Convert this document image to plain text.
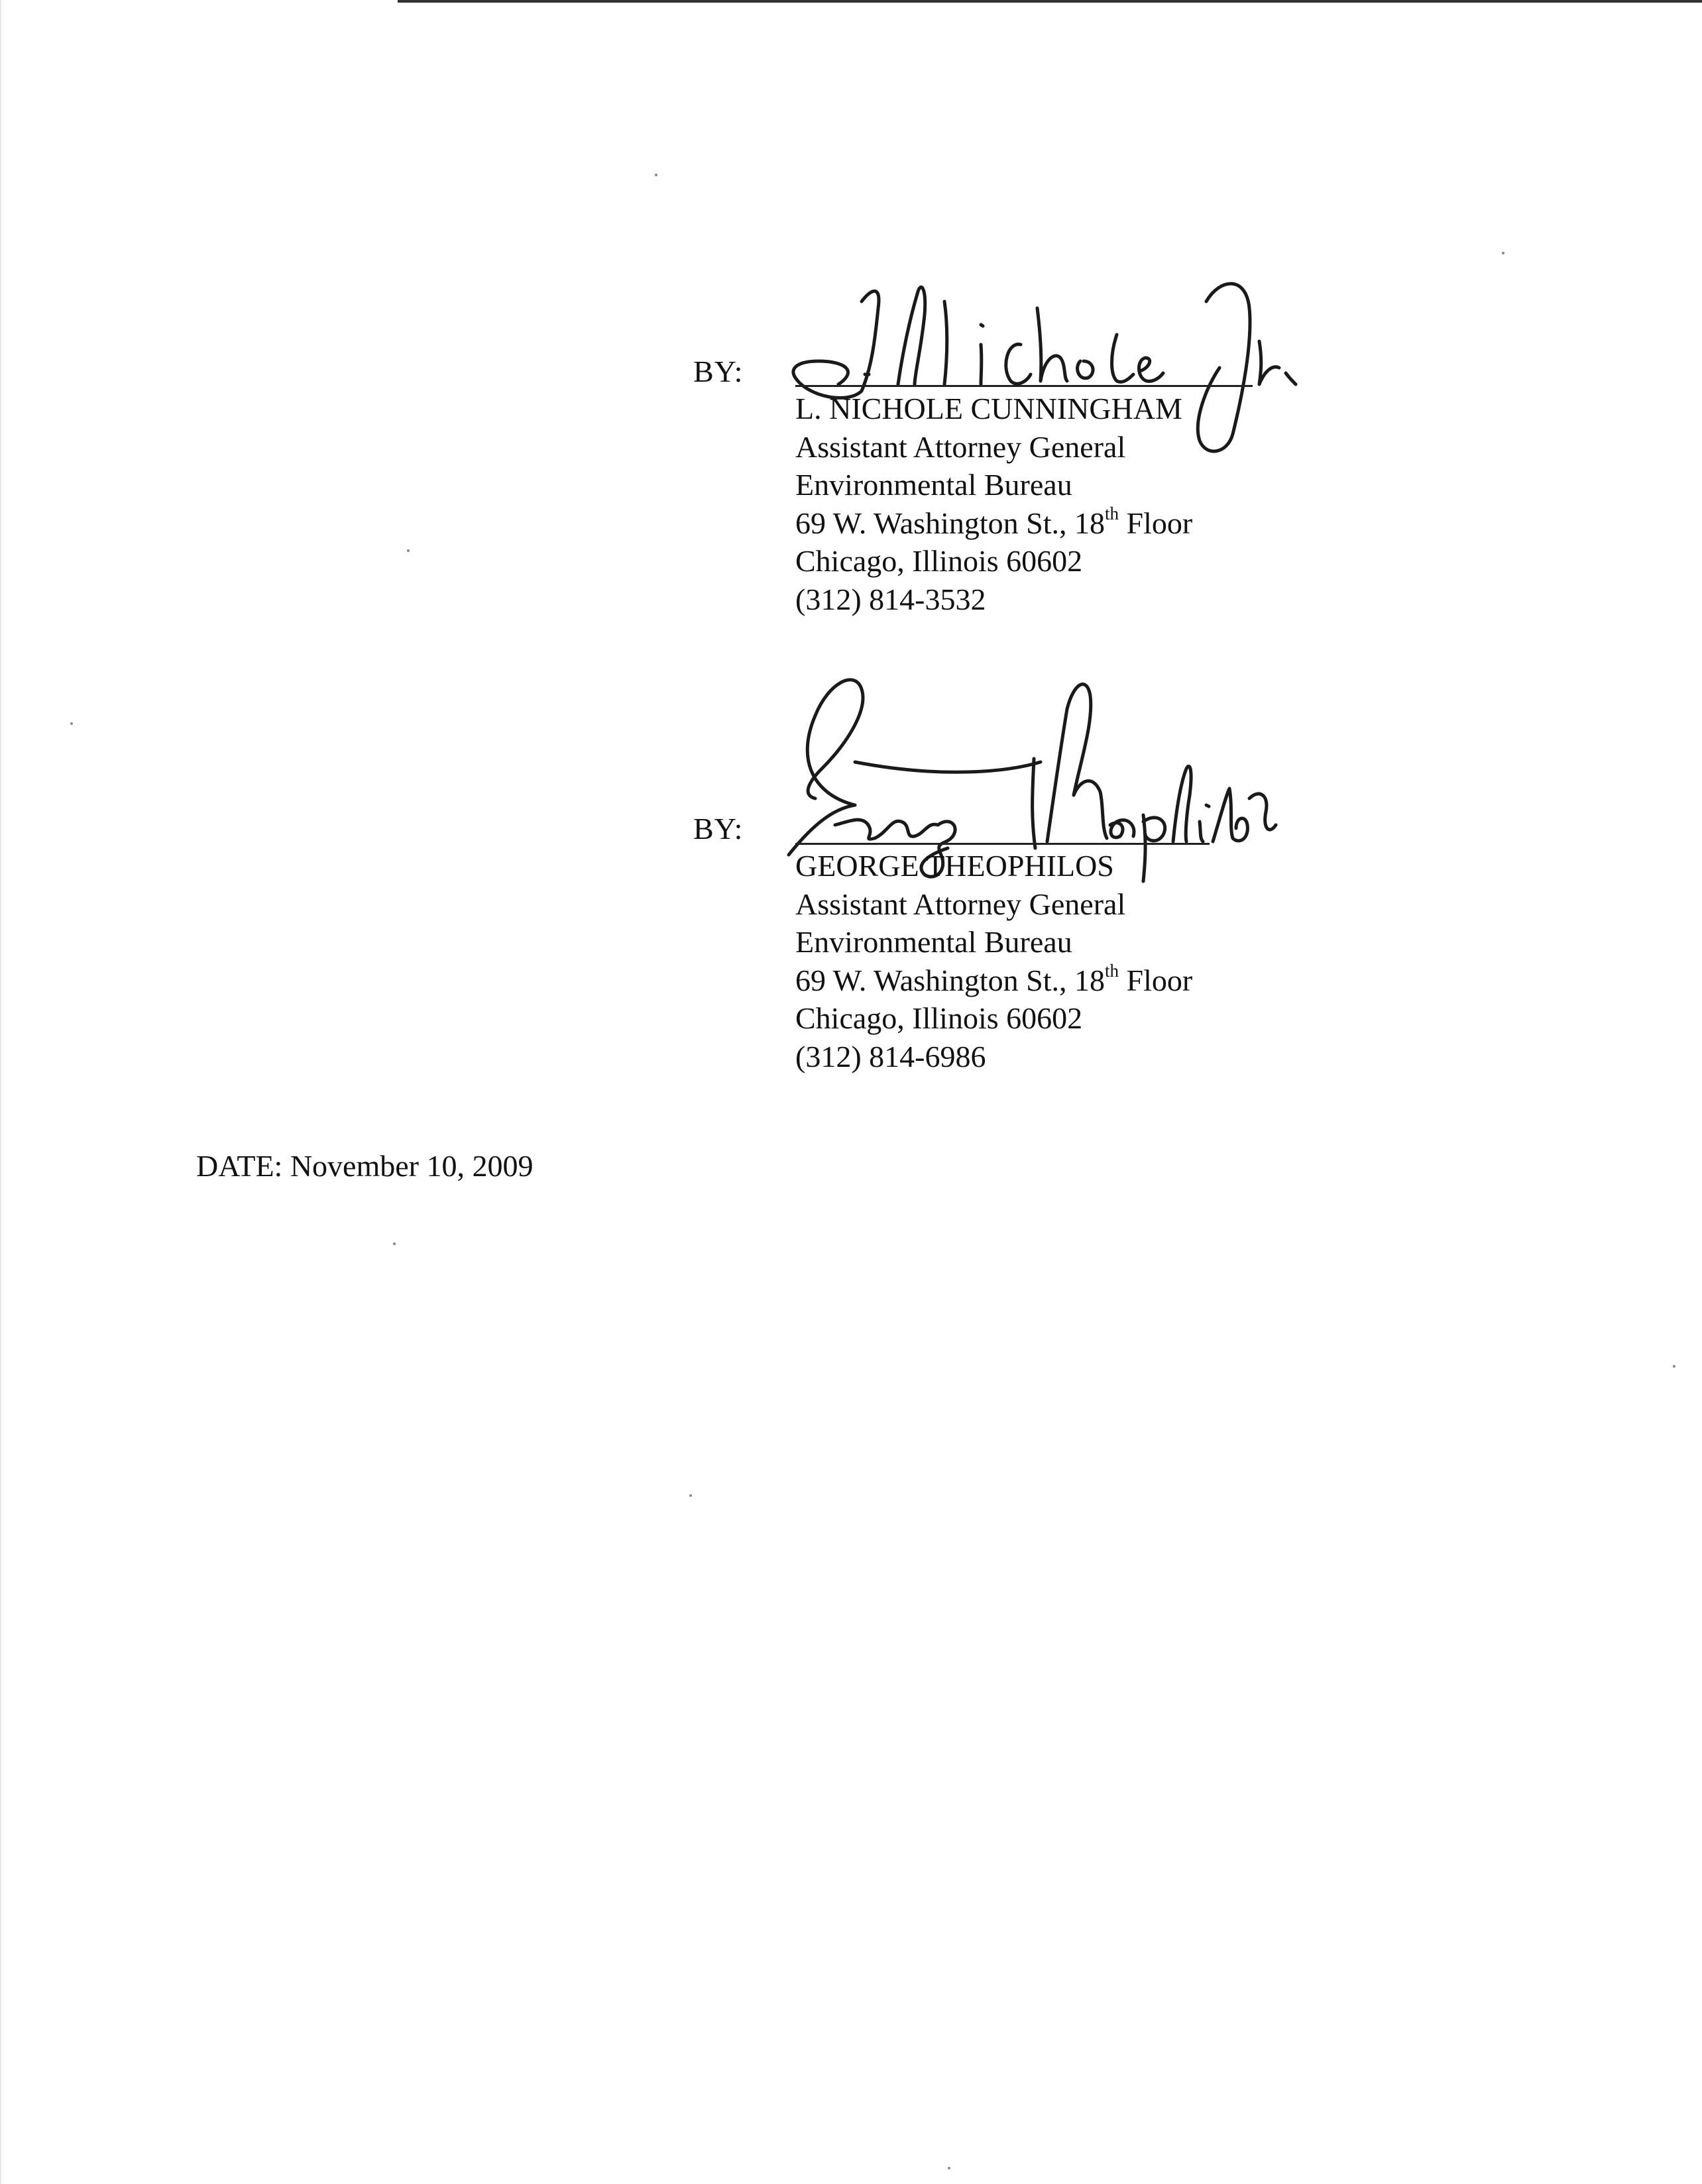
BY:
L. NICHOLE CUNNINGHAM
Assistant Attorney General
Environmental Bureau
69 W. Washington St., 18th Floor
Chicago, Illinois 60602
(312) 814-3532
BY:
GEORGE THEOPHILOS
Assistant Attorney General
Environmental Bureau
69 W. Washington St., 18th Floor
Chicago, Illinois 60602
(312) 814-6986
DATE: November 10, 2009
